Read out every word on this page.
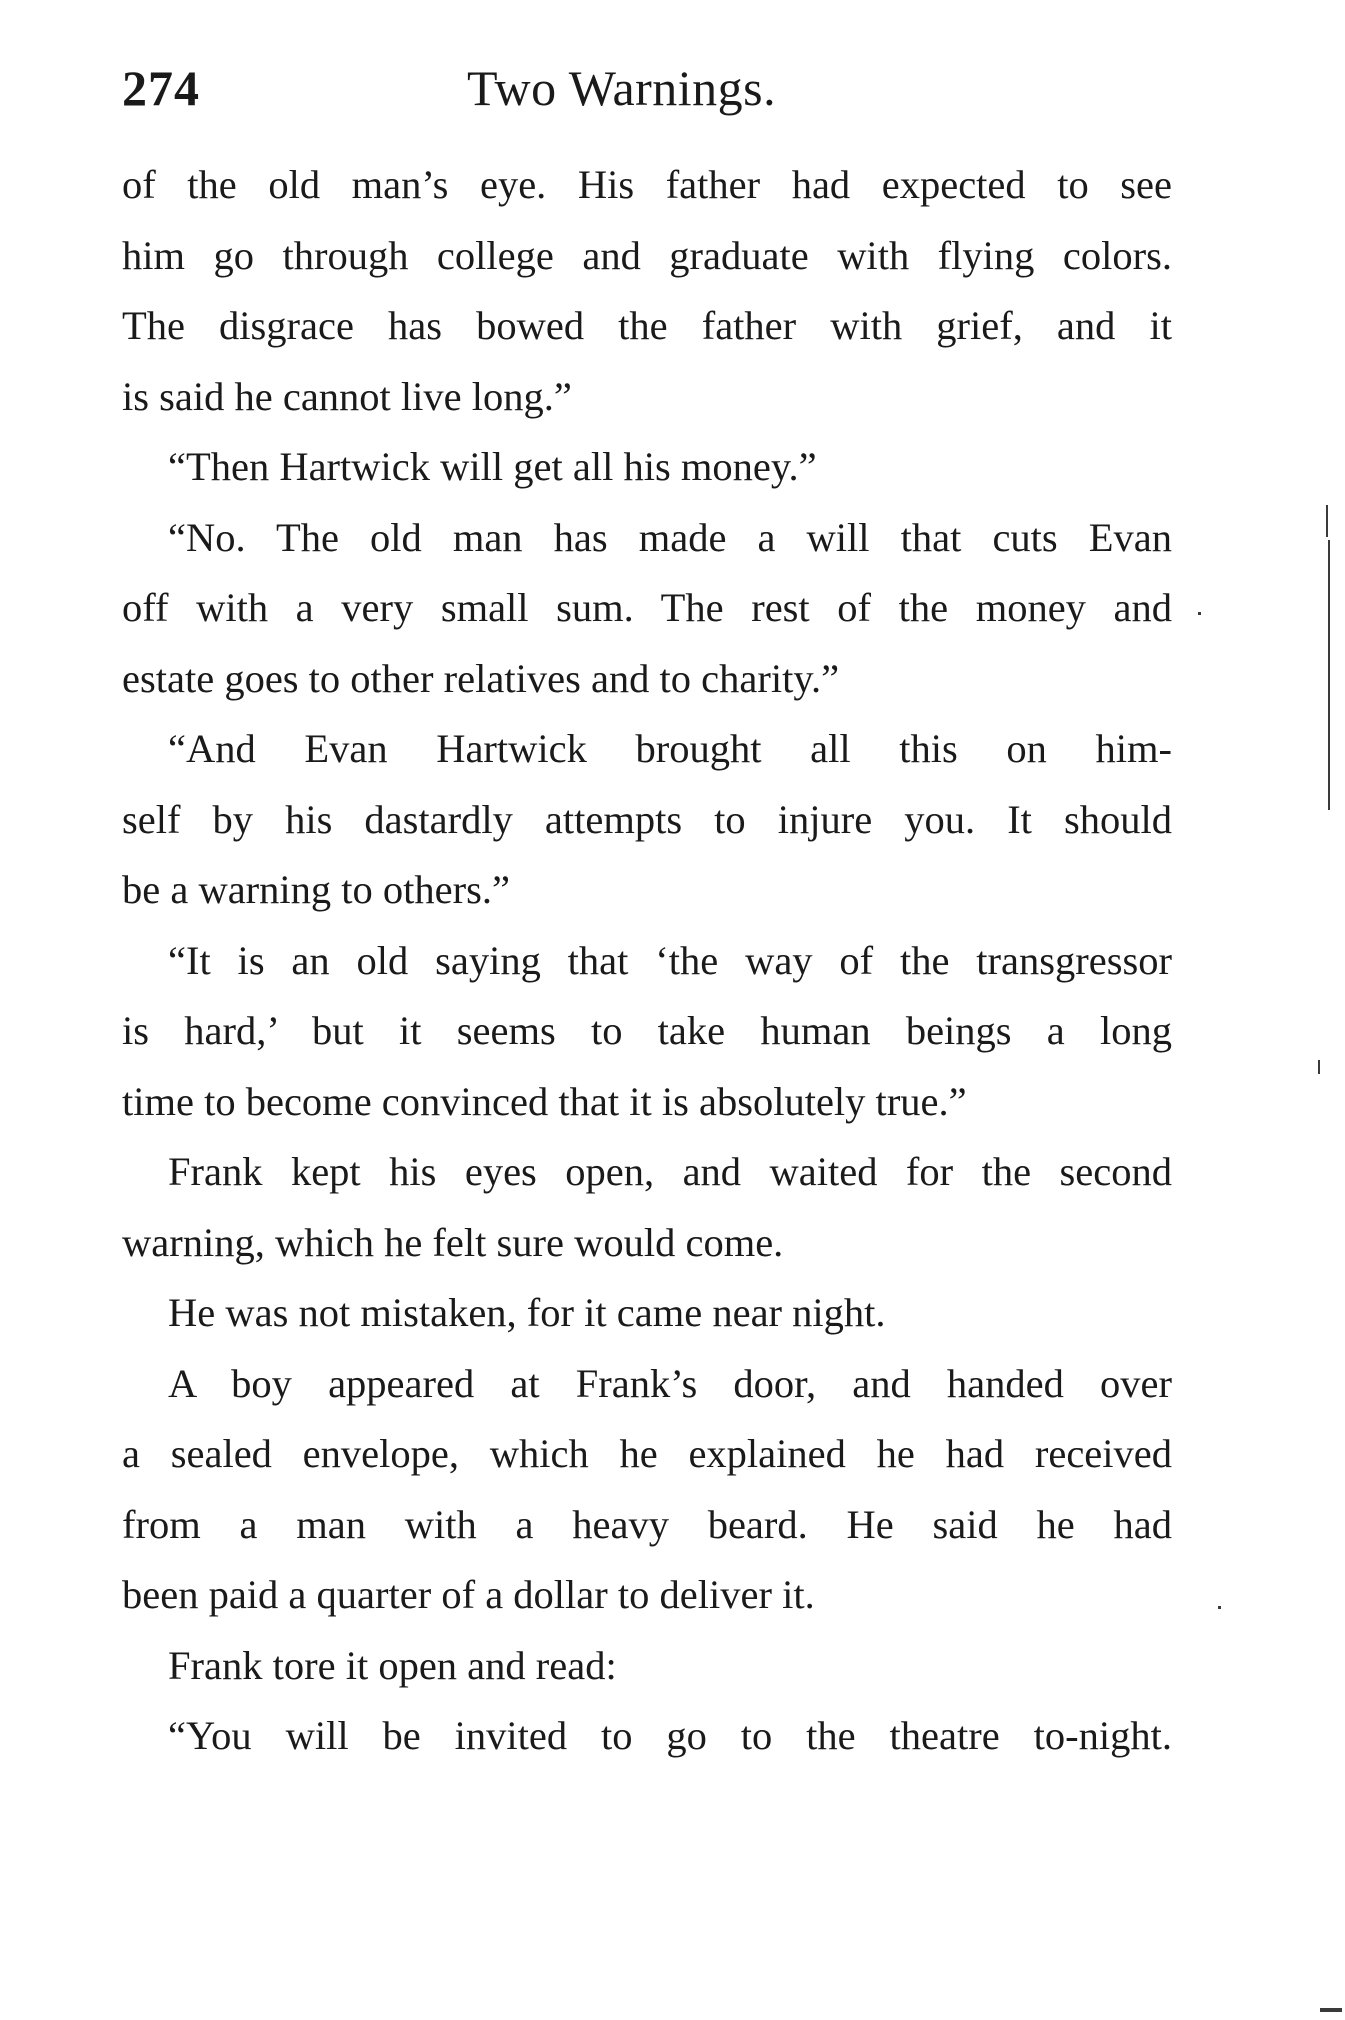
274	Two Warnings.
of the old man’s eye. His father had expected to see
him go through college and graduate with flying colors.
The disgrace has bowed the father with grief, and it
is said he cannot live long.”
“Then Hartwick will get all his money.”
“No. The old man has made a will that cuts Evan
off with a very small sum. The rest of the money and
estate goes to other relatives and to charity.”
“And Evan Hartwick brought all this on him-
self by his dastardly attempts to injure you. It should
be a warning to others.”
“It is an old saying that ‘the way of the transgressor
is hard,’ but it seems to take human beings a long
time to become convinced that it is absolutely true.”
Frank kept his eyes open, and waited for the second
warning, which he felt sure would come.
He was not mistaken, for it came near night.
A boy appeared at Frank’s door, and handed over
a sealed envelope, which he explained he had received
from a man with a heavy beard. He said he had
been paid a quarter of a dollar to deliver it.
Frank tore it open and read:
“You will be invited to go to the theatre to-night.
